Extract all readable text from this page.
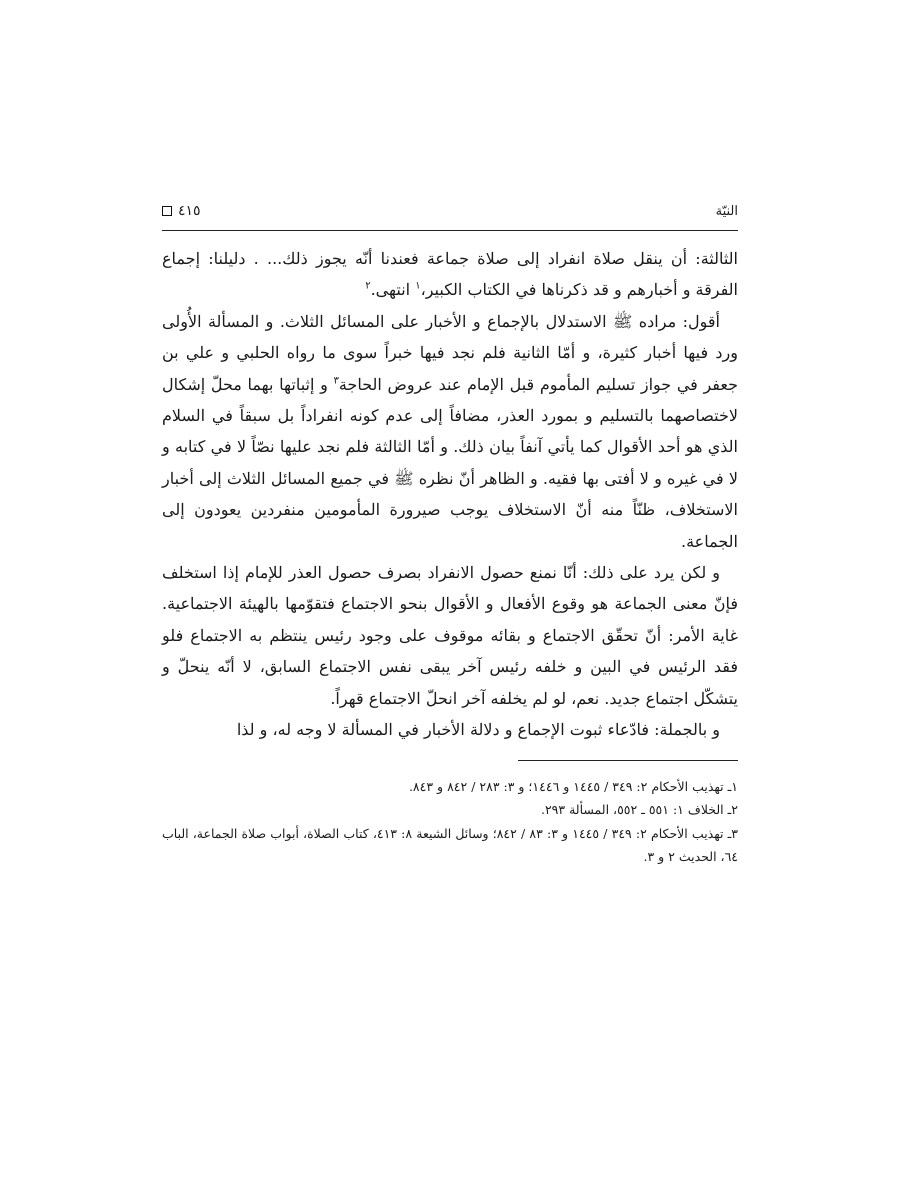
النيّة
٤١٥

الثالثة: أن ينقل صلاة انفراد إلى صلاة جماعة فعندنا أنّه يجوز ذلك... . دليلنا: إجماع الفرقة و أخبارهم و قد ذكرناها في الكتاب الكبير،$^١$ انتهى.$^٢$

أقول: مراده ﷺ الاستدلال بالإجماع و الأخبار على المسائل الثلاث. و المسألة الأُولى ورد فيها أخبار كثيرة، و أمّا الثانية فلم نجد فيها خبراً سوى ما رواه الحلبي و علي بن جعفر في جواز تسليم المأموم قبل الإمام عند عروض الحاجة$^٣$ و إثباتها بهما محلّ إشكال لاختصاصهما بالتسليم و بمورد العذر، مضافاً إلى عدم كونه انفراداً بل سبقاً في السلام الذي هو أحد الأقوال كما يأتي آنفاً بيان ذلك. و أمّا الثالثة فلم نجد عليها نصّاً لا في كتابه و لا في غيره و لا أفتى بها فقيه. و الظاهر أنّ نظره ﷺ في جميع المسائل الثلاث إلى أخبار الاستخلاف، ظنّاً منه أنّ الاستخلاف يوجب صيرورة المأمومين منفردين يعودون إلى الجماعة.

و لكن يرد على ذلك: أنّا نمنع حصول الانفراد بصرف حصول العذر للإمام إذا استخلف فإنّ معنى الجماعة هو وقوع الأفعال و الأقوال بنحو الاجتماع فتقوّمها بالهيئة الاجتماعية. غاية الأمر: أنّ تحقّق الاجتماع و بقائه موقوف على وجود رئيس ينتظم به الاجتماع فلو فقد الرئيس في البين و خلفه رئيس آخر يبقى نفس الاجتماع السابق، لا أنّه ينحلّ و يتشكّل اجتماع جديد. نعم، لو لم يخلفه آخر انحلّ الاجتماع قهراً.

و بالجملة: فادّعاء ثبوت الإجماع و دلالة الأخبار في المسألة لا وجه له، و لذا

١ـ تهذيب الأحكام ٢: ٣٤٩ / ١٤٤٥ و ١٤٤٦؛ و ٣: ٢٨٣ / ٨٤٢ و ٨٤٣.

٢ـ الخلاف ١: ٥٥١ ـ ٥٥٢، المسألة ٢٩٣.

٣ـ تهذيب الأحكام ٢: ٣٤٩ / ١٤٤٥ و ٣: ٨٣ / ٨٤٢؛ وسائل الشيعة ٨: ٤١٣، كتاب الصلاة، أبواب صلاة الجماعة، الباب ٦٤، الحديث ٢ و ٣.
